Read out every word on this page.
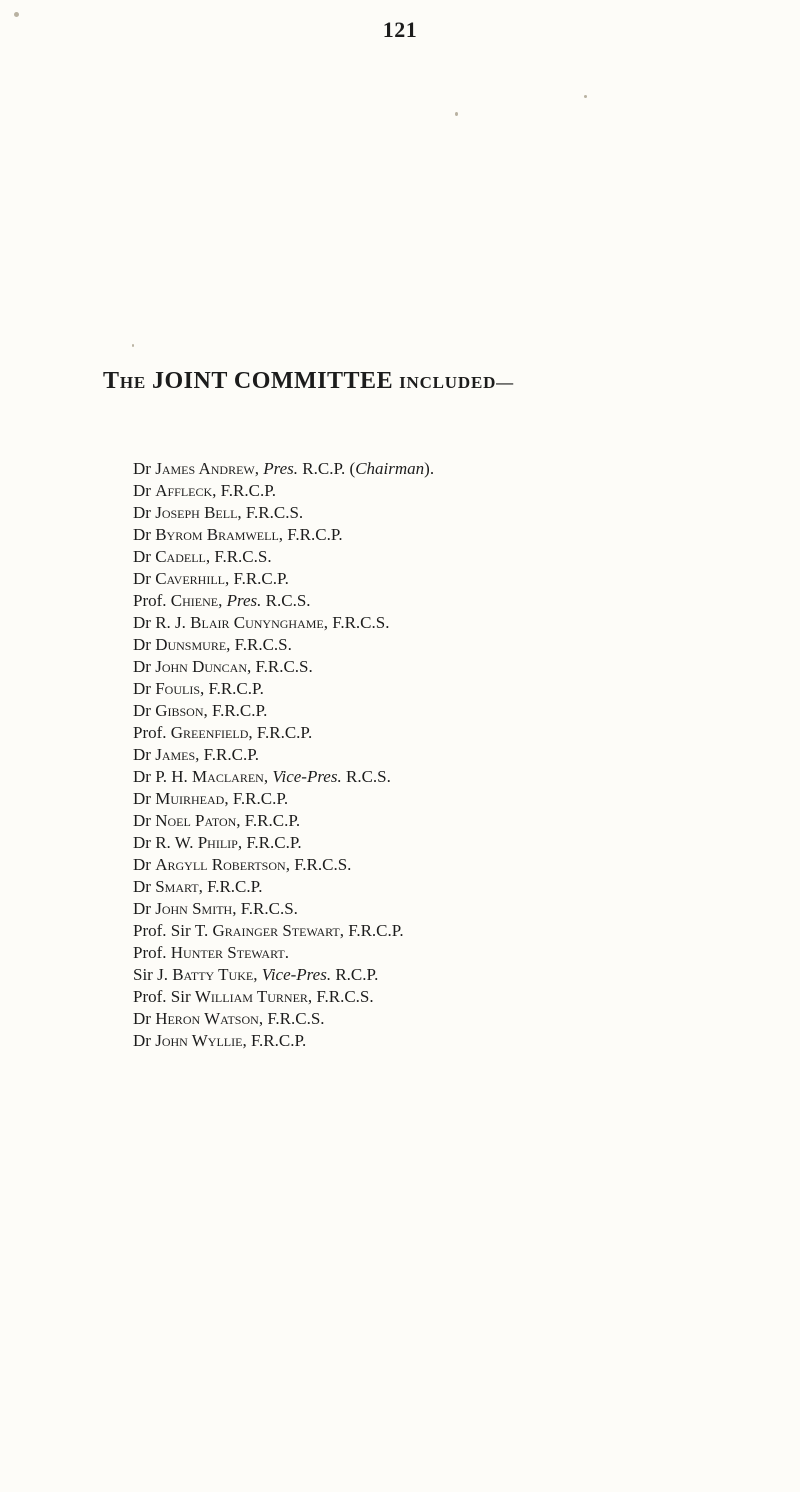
121
THE JOINT COMMITTEE INCLUDED—
Dr James Andrew, Pres. R.C.P. (Chairman).
Dr Affleck, F.R.C.P.
Dr Joseph Bell, F.R.C.S.
Dr Byrom Bramwell, F.R.C.P.
Dr Cadell, F.R.C.S.
Dr Caverhill, F.R.C.P.
Prof. Chiene, Pres. R.C.S.
Dr R. J. Blair Cunynghame, F.R.C.S.
Dr Dunsmure, F.R.C.S.
Dr John Duncan, F.R.C.S.
Dr Foulis, F.R.C.P.
Dr Gibson, F.R.C.P.
Prof. Greenfield, F.R.C.P.
Dr James, F.R.C.P.
Dr P. H. Maclaren, Vice-Pres. R.C.S.
Dr Muirhead, F.R.C.P.
Dr Noel Paton, F.R.C.P.
Dr R. W. Philip, F.R.C.P.
Dr Argyll Robertson, F.R.C.S.
Dr Smart, F.R.C.P.
Dr John Smith, F.R.C.S.
Prof. Sir T. Grainger Stewart, F.R.C.P.
Prof. Hunter Stewart.
Sir J. Batty Tuke, Vice-Pres. R.C.P.
Prof. Sir William Turner, F.R.C.S.
Dr Heron Watson, F.R.C.S.
Dr John Wyllie, F.R.C.P.
